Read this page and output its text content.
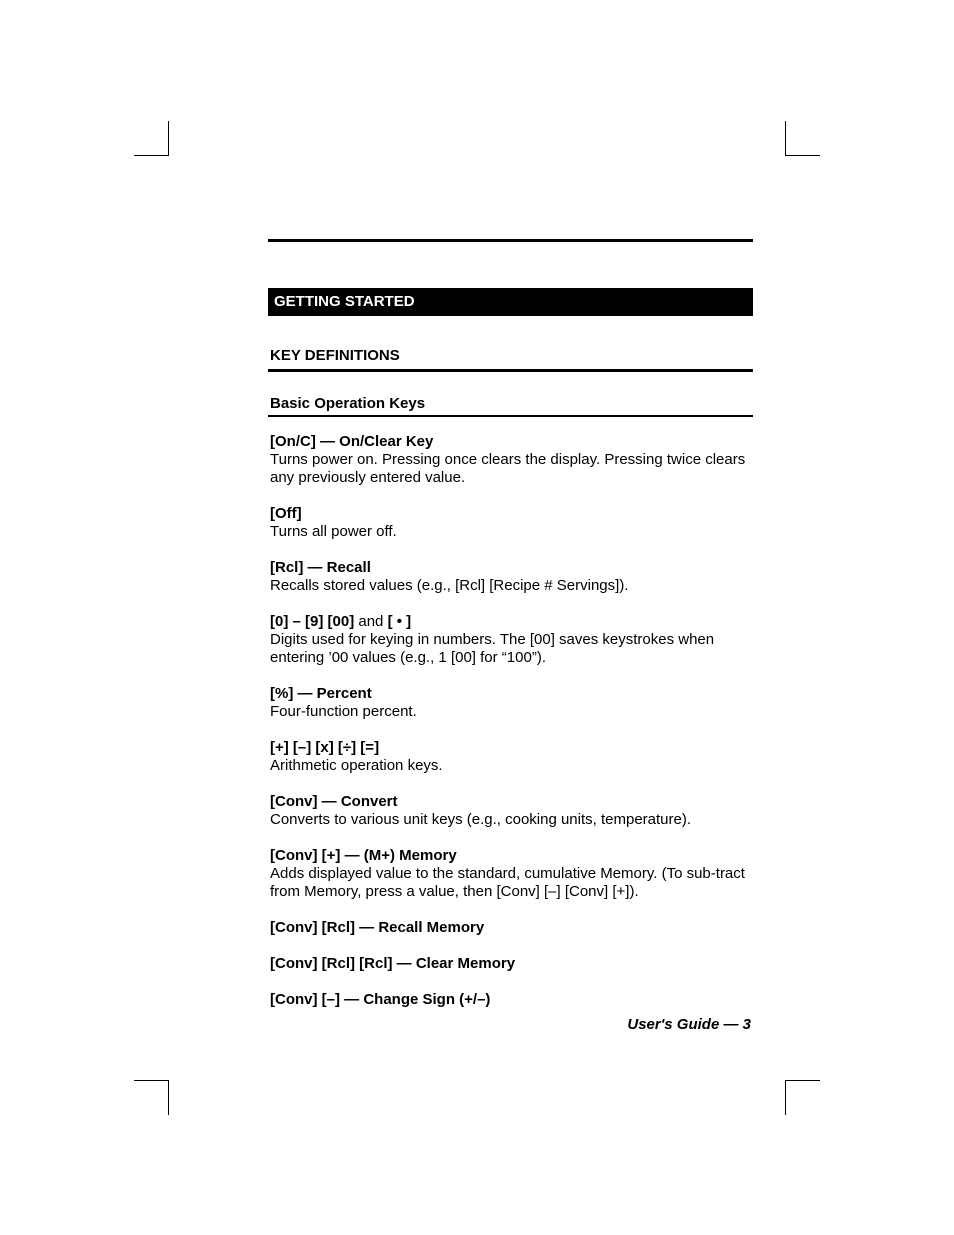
GETTING STARTED
KEY DEFINITIONS
Basic Operation Keys
[On/C] — On/Clear Key
Turns power on. Pressing once clears the display. Pressing twice clears any previously entered value.
[Off]
Turns all power off.
[Rcl] — Recall
Recalls stored values (e.g., [Rcl] [Recipe # Servings]).
[0] – [9] [00] and [ • ]
Digits used for keying in numbers. The [00] saves keystrokes when entering ’00 values (e.g., 1 [00] for “100”).
[%] — Percent
Four-function percent.
[+] [–] [x] [÷] [=]
Arithmetic operation keys.
[Conv] — Convert
Converts to various unit keys (e.g., cooking units, temperature).
[Conv] [+] — (M+) Memory
Adds displayed value to the standard, cumulative Memory. (To sub-tract from Memory, press a value, then [Conv] [–] [Conv] [+]).
[Conv] [Rcl] — Recall Memory
[Conv] [Rcl] [Rcl] — Clear Memory
[Conv] [–] — Change Sign (+/–)
User's Guide — 3
